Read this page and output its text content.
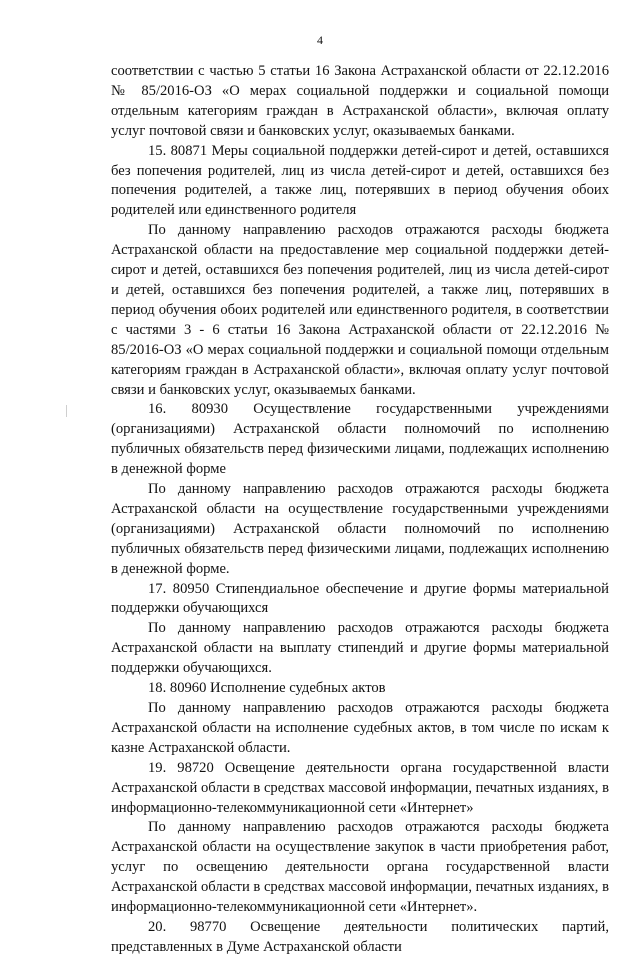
4

соответствии с частью 5 статьи 16 Закона Астраханской области от 22.12.2016 № 85/2016-ОЗ «О мерах социальной поддержки и социальной помощи отдельным категориям граждан в Астраханской области», включая оплату услуг почтовой связи и банковских услуг, оказываемых банками.

15. 80871 Меры социальной поддержки детей-сирот и детей, оставшихся без попечения родителей, лиц из числа детей-сирот и детей, оставшихся без попечения родителей, а также лиц, потерявших в период обучения обоих родителей или единственного родителя

По данному направлению расходов отражаются расходы бюджета Астраханской области на предоставление мер социальной поддержки детей-сирот и детей, оставшихся без попечения родителей, лиц из числа детей-сирот и детей, оставшихся без попечения родителей, а также лиц, потерявших в период обучения обоих родителей или единственного родителя, в соответствии с частями 3 - 6 статьи 16 Закона Астраханской области от 22.12.2016 № 85/2016-ОЗ «О мерах социальной поддержки и социальной помощи отдельным категориям граждан в Астраханской области», включая оплату услуг почтовой связи и банковских услуг, оказываемых банками.

16. 80930 Осуществление государственными учреждениями (организациями) Астраханской области полномочий по исполнению публичных обязательств перед физическими лицами, подлежащих исполнению в денежной форме

По данному направлению расходов отражаются расходы бюджета Астраханской области на осуществление государственными учреждениями (организациями) Астраханской области полномочий по исполнению публичных обязательств перед физическими лицами, подлежащих исполнению в денежной форме.

17. 80950 Стипендиальное обеспечение и другие формы материальной поддержки обучающихся

По данному направлению расходов отражаются расходы бюджета Астраханской области на выплату стипендий и другие формы материальной поддержки обучающихся.

18. 80960 Исполнение судебных актов

По данному направлению расходов отражаются расходы бюджета Астраханской области на исполнение судебных актов, в том числе по искам к казне Астраханской области.

19. 98720 Освещение деятельности органа государственной власти Астраханской области в средствах массовой информации, печатных изданиях, в информационно-телекоммуникационной сети «Интернет»

По данному направлению расходов отражаются расходы бюджета Астраханской области на осуществление закупок в части приобретения работ, услуг по освещению деятельности органа государственной власти Астраханской области в средствах массовой информации, печатных изданиях, в информационно-телекоммуникационной сети «Интернет».

20. 98770 Освещение деятельности политических партий, представленных в Думе Астраханской области
